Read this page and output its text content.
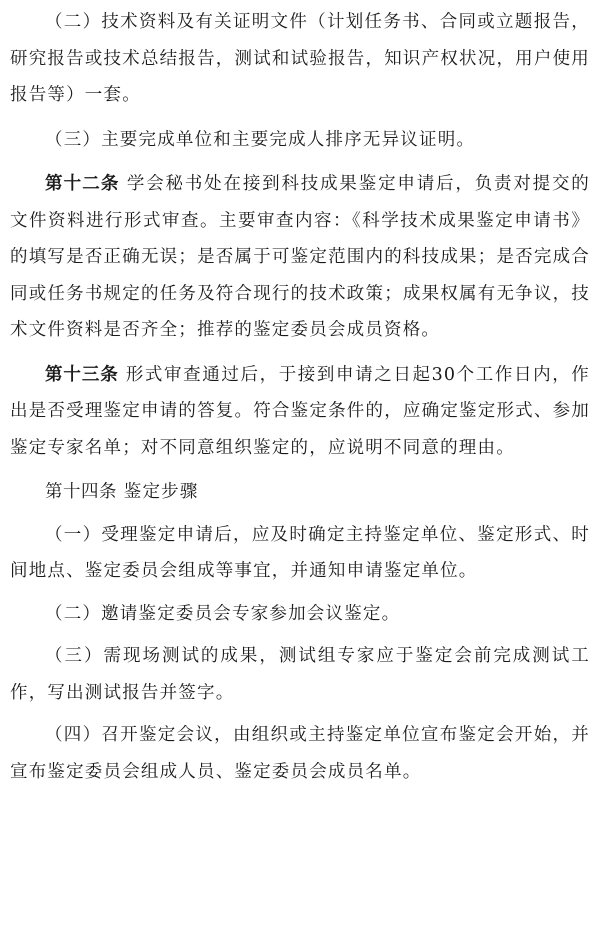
（二）技术资料及有关证明文件（计划任务书、合同或立题报告，研究报告或技术总结报告，测试和试验报告，知识产权状况，用户使用报告等）一套。

（三）主要完成单位和主要完成人排序无异议证明。

第十二条 学会秘书处在接到科技成果鉴定申请后，负责对提交的文件资料进行形式审查。主要审查内容：《科学技术成果鉴定申请书》的填写是否正确无误；是否属于可鉴定范围内的科技成果；是否完成合同或任务书规定的任务及符合现行的技术政策；成果权属有无争议，技术文件资料是否齐全；推荐的鉴定委员会成员资格。

第十三条 形式审查通过后，于接到申请之日起30个工作日内，作出是否受理鉴定申请的答复。符合鉴定条件的，应确定鉴定形式、参加鉴定专家名单；对不同意组织鉴定的，应说明不同意的理由。

第十四条 鉴定步骤

（一）受理鉴定申请后，应及时确定主持鉴定单位、鉴定形式、时间地点、鉴定委员会组成等事宜，并通知申请鉴定单位。

（二）邀请鉴定委员会专家参加会议鉴定。

（三）需现场测试的成果，测试组专家应于鉴定会前完成测试工作，写出测试报告并签字。

（四）召开鉴定会议，由组织或主持鉴定单位宣布鉴定会开始，并宣布鉴定委员会组成人员、鉴定委员会成员名单。
